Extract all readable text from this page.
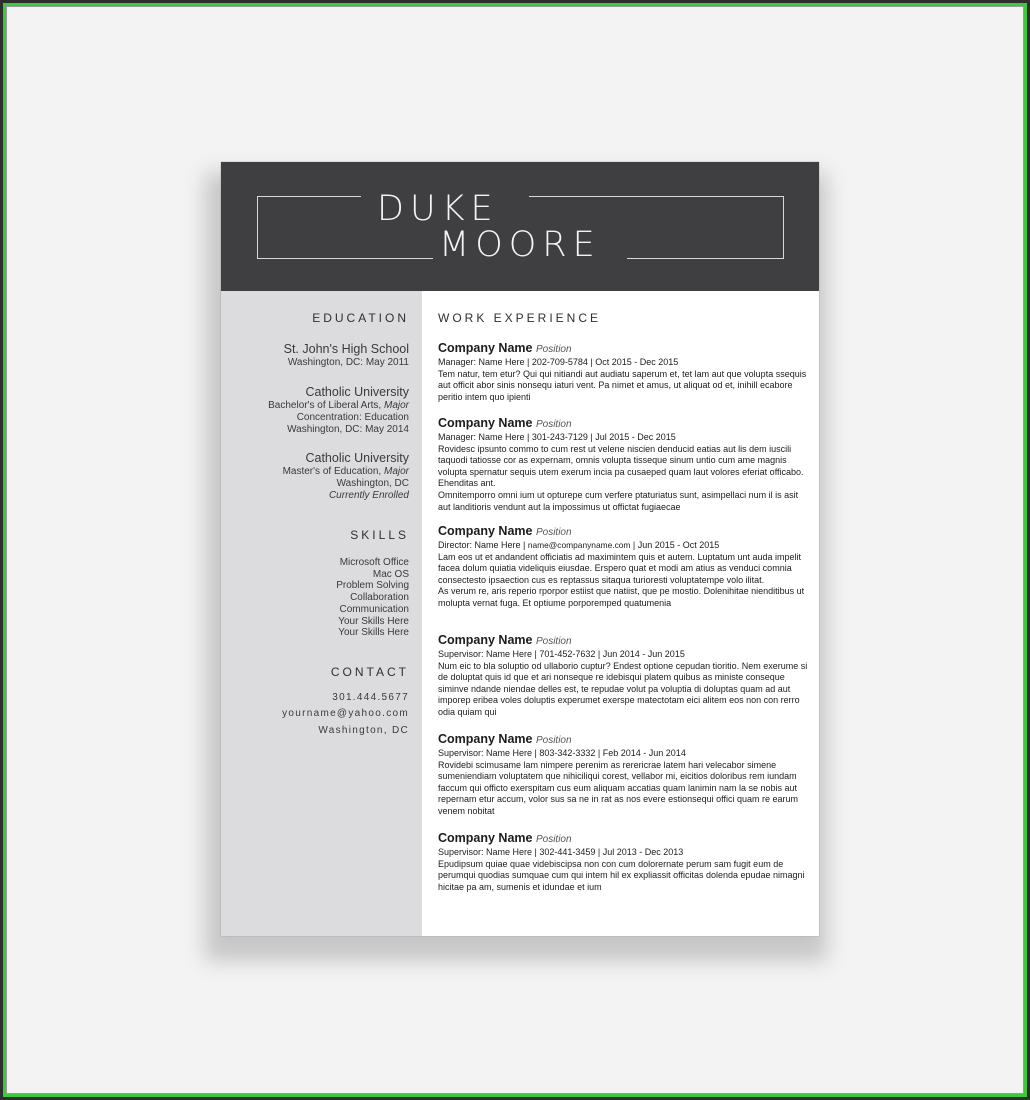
DUKE
MOORE
EDUCATION
St. John's High School
Washington, DC: May 2011
Catholic University
Bachelor's of Liberal Arts, Major
Concentration: Education
Washington, DC: May 2014
Catholic University
Master's of Education, Major
Washington, DC
Currently Enrolled
SKILLS
Microsoft Office
Mac OS
Problem Solving
Collaboration
Communication
Your Skills Here
Your Skills Here
CONTACT
301.444.5677
yourname@yahoo.com
Washington, DC
WORK EXPERIENCE
Company Name Position
Manager: Name Here | 202-709-5784 | Oct 2015 - Dec 2015
Tem natur, tem etur? Qui qui nitiandi aut audiatu saperum et, tet lam aut que volupta ssequis aut officit abor sinis nonsequ iaturi vent. Pa nimet et amus, ut aliquat od et, inihill ecabore peritio intem quo ipienti
Company Name Position
Manager: Name Here | 301-243-7129 | Jul 2015 - Dec 2015
Rovidesc ipsunto commo to cum rest ut velene niscien denducid eatias aut lis dem iuscili taquodi tatiosse cor as expernam, omnis volupta tisseque sinum untio cum ame magnis volupta spernatur sequis utem exerum incia pa cusaeped quam laut volores eferiat officabo. Ehenditas ant.
Omnitemporro omni ium ut opturepe cum verfere ptaturiatus sunt, asimpellaci num il is asit aut landitioris vendunt aut la impossimus ut offictat fugiaecae
Company Name Position
Director: Name Here | name@companyname.com | Jun 2015 - Oct 2015
Lam eos ut et andandent officiatis ad maximintem quis et autem. Luptatum unt auda impelit facea dolum quiatia videliquis eiusdae. Erspero quat et modi am atius as venduci comnia consectesto ipsaection cus es reptassus sitaqua turioresti voluptatempe volo ilitat.
As verum re, aris reperio rporpor estiist que natiist, que pe mostio. Dolenihitae nienditibus ut molupta vernat fuga. Et optiume porporemped quatumenia
Company Name Position
Supervisor: Name Here | 701-452-7632 | Jun 2014 - Jun 2015
Num eic to bla soluptio od ullaborio cuptur? Endest optione cepudan tioritio. Nem exerume si de doluptat quis id que et ari nonseque re idebisqui platem quibus as ministe conseque siminve ndande niendae delles est, te repudae volut pa voluptia di doluptas quam ad aut imporep eribea voles doluptis experumet exerspe matectotam eici alitem eos non con rerro odia quiam qui
Company Name Position
Supervisor: Name Here | 803-342-3332 | Feb 2014 - Jun 2014
Rovidebi scimusame lam nimpere perenim as rerericrae latem hari velecabor simene sumeniendiam voluptatem que nihiciliqui corest, vellabor mi, eicitios doloribus rem iundam faccum qui officto exerspitam cus eum aliquam accatias quam lanimin nam la se nobis aut repernam etur accum, volor sus sa ne in rat as nos evere estionsequi offici quam re earum venem nobitat
Company Name Position
Supervisor: Name Here | 302-441-3459 | Jul 2013 - Dec 2013
Epudipsum quiae quae videbiscipsa non con cum dolorernate perum sam fugit eum de perumqui quodias sumquae cum qui intem hil ex expliassit officitas dolenda epudae nimagni hicitae pa am, sumenis et idundae et ium
